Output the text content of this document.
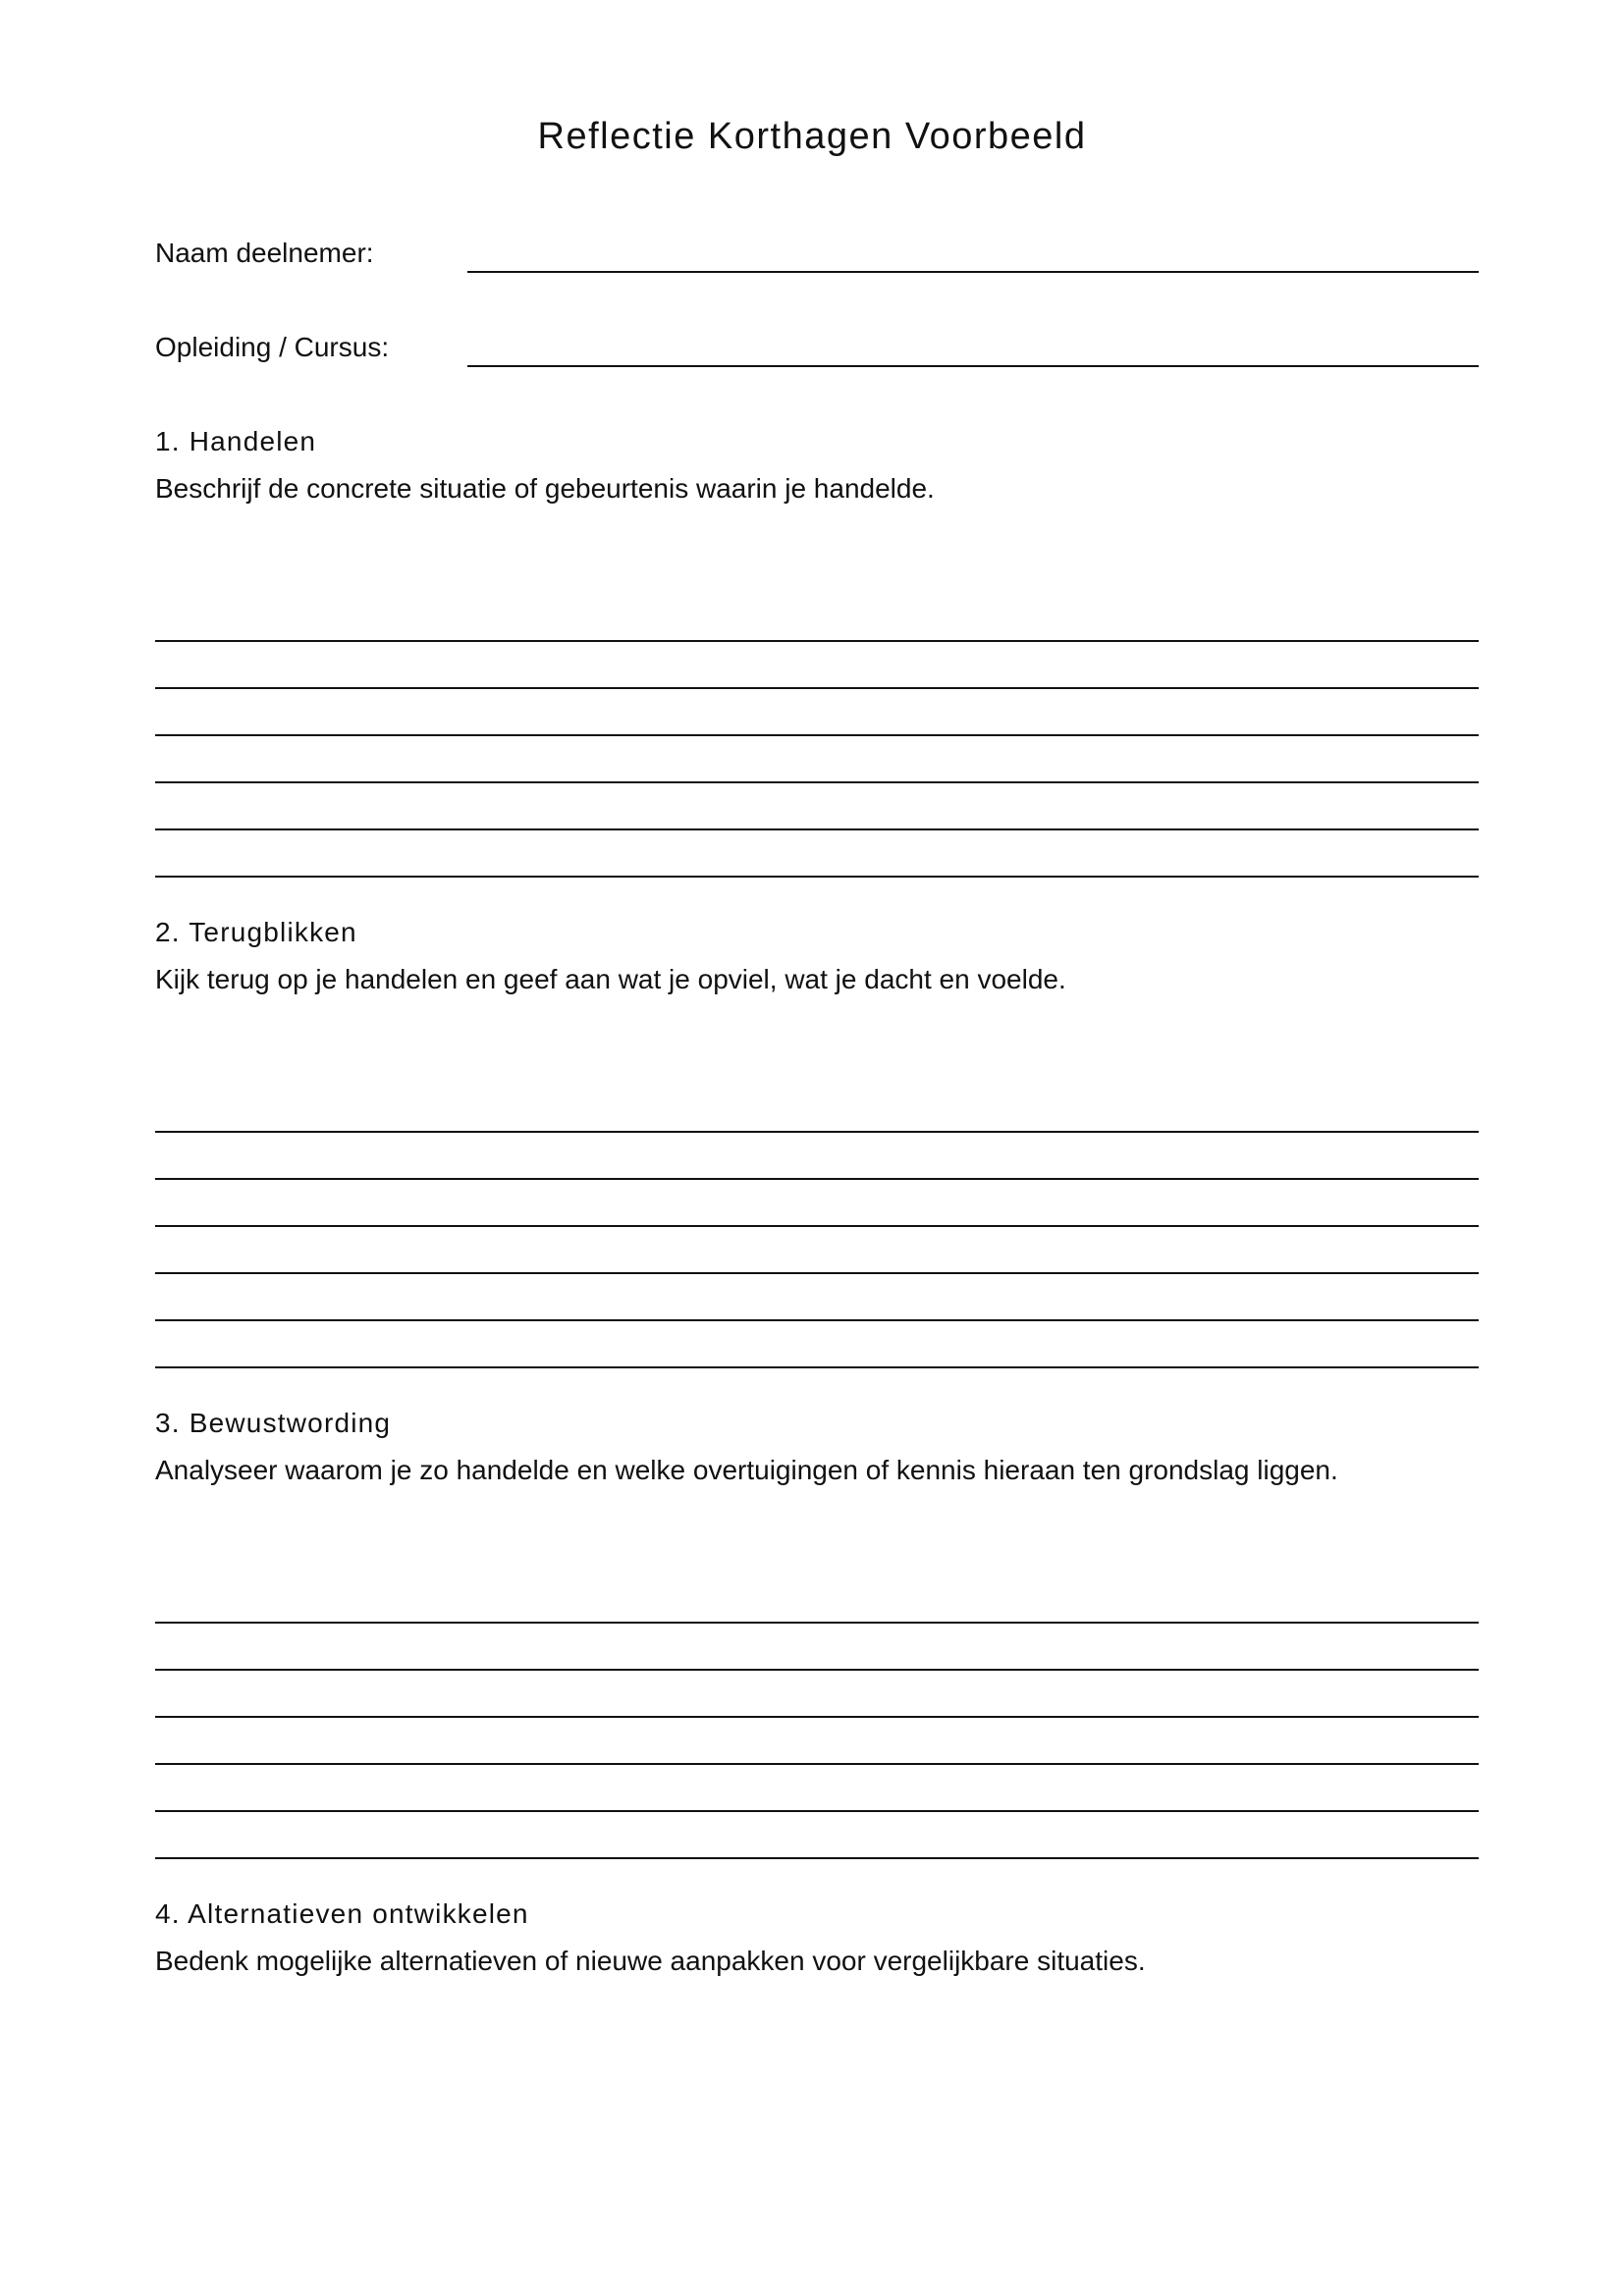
Reflectie Korthagen Voorbeeld
Naam deelnemer:
Opleiding / Cursus:
1. Handelen

Beschrijf de concrete situatie of gebeurtenis waarin je handelde.

2. Terugblikken

Kijk terug op je handelen en geef aan wat je opviel, wat je dacht en voelde.

3. Bewustwording

Analyseer waarom je zo handelde en welke overtuigingen of kennis hieraan ten grondslag liggen.

4. Alternatieven ontwikkelen

Bedenk mogelijke alternatieven of nieuwe aanpakken voor vergelijkbare situaties.
